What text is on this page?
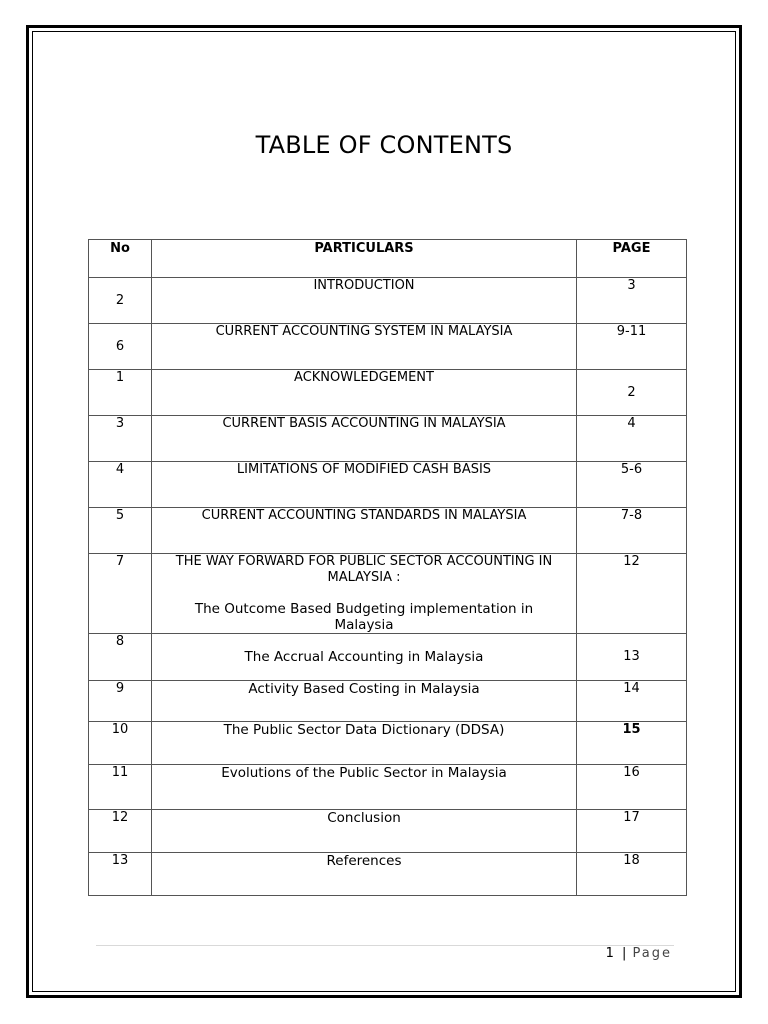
TABLE OF CONTENTS
No	PARTICULARS	PAGE

2	INTRODUCTION	3

6	CURRENT ACCOUNTING SYSTEM IN MALAYSIA	9-11

1	ACKNOWLEDGEMENT	2

3	CURRENT BASIS ACCOUNTING IN MALAYSIA	4

4	LIMITATIONS OF MODIFIED CASH BASIS	5-6

5	CURRENT ACCOUNTING STANDARDS IN MALAYSIA	7-8

7	THE WAY FORWARD FOR PUBLIC SECTOR ACCOUNTING IN MALAYSIA :
The Outcome Based Budgeting implementation in Malaysia	12

8	The Accrual Accounting in Malaysia	13

9	Activity Based Costing in Malaysia	14

10	The Public Sector Data Dictionary (DDSA)	15

11	Evolutions of the Public Sector in Malaysia	16

12	Conclusion	17

13	References	18
1 | Page
